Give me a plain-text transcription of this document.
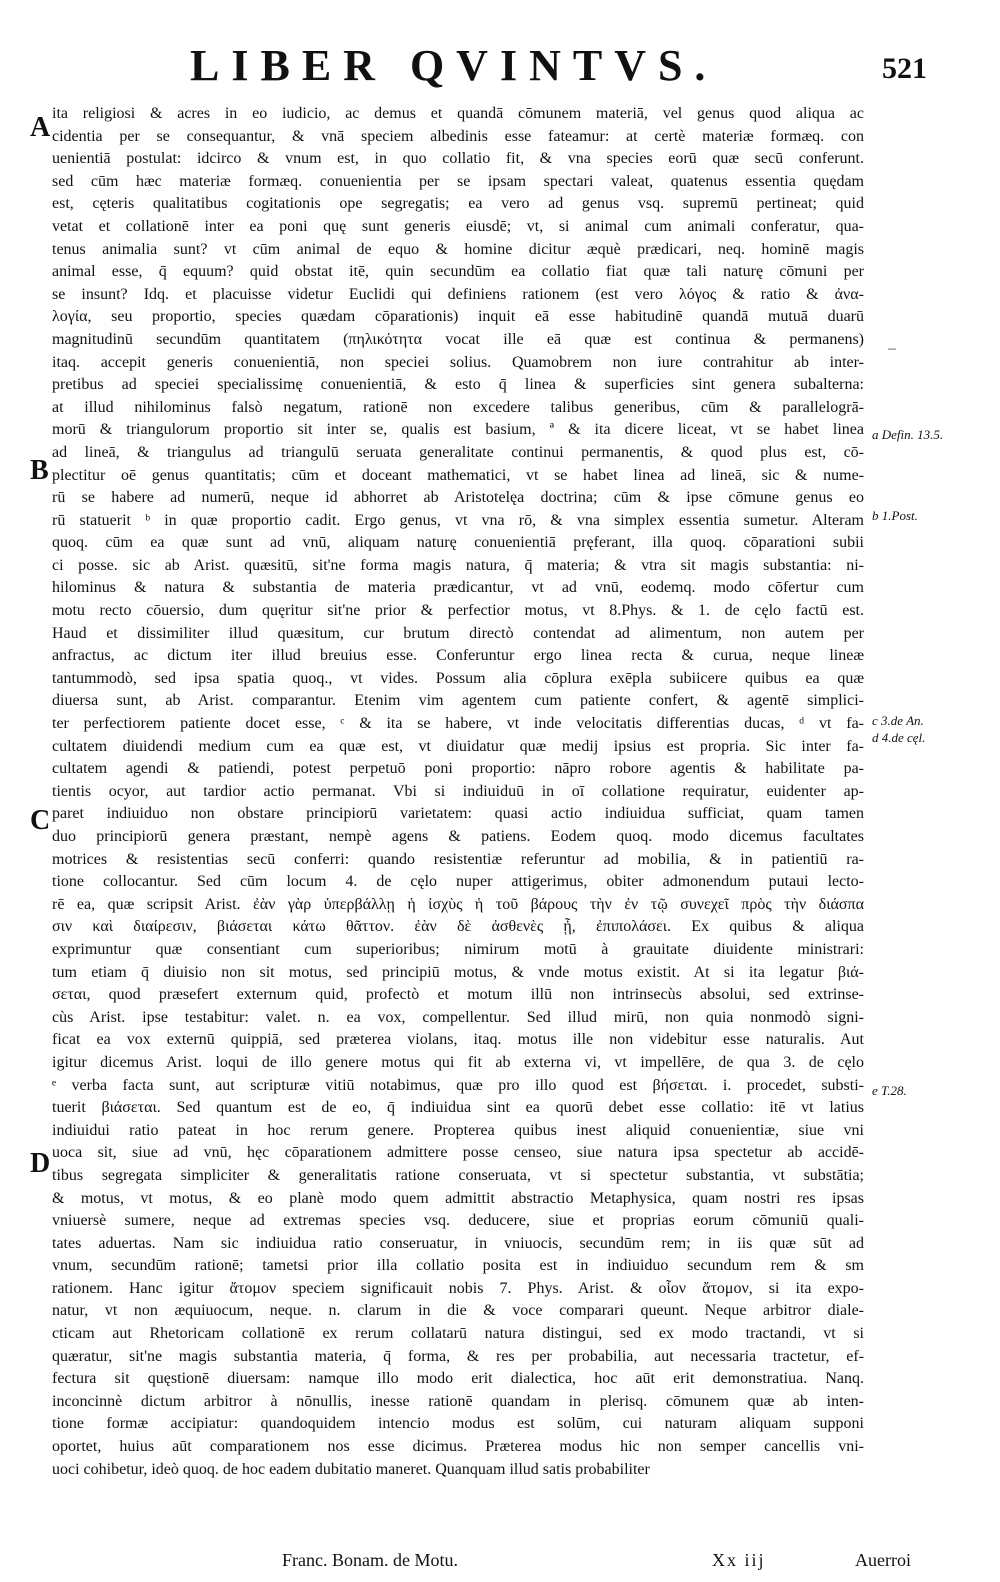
LIBER QVINTVS.	521
A
B
C
D
a Defin. 13.5.
b 1.Post.
c 3.de An.
d 4.de cęl.
e T.28.
–
ita religiosi & acres in eo iudicio, ac demus et quandā cōmunem materiā, vel genus quod aliqua ac
cidentia per se consequantur, & vnā speciem albedinis esse fateamur: at certè materiæ formæq. con
uenientiā postulat: idcirco & vnum est, in quo collatio fit, & vna species eorū quæ secū conferunt.
sed cūm hæc materiæ formæq. conuenientia per se ipsam spectari valeat, quatenus essentia quędam
est, cęteris qualitatibus cogitationis ope segregatis; ea vero ad genus vsq. supremū pertineat; quid
vetat et collationē inter ea poni quę sunt generis eiusdē; vt, si animal cum animali conferatur, qua-
tenus animalia sunt? vt cūm animal de equo & homine dicitur æquè prædicari, neq. hominē magis
animal esse, q̄ equum? quid obstat itē, quin secundūm ea collatio fiat quæ tali naturę cōmuni per
se insunt? Idq. et placuisse videtur Euclidi qui definiens rationem (est vero λόγος & ratio & ἀνα-
λογία, seu proportio, species quædam cōparationis) inquit eā esse habitudinē quandā mutuā duarū
magnitudinū secundūm quantitatem (πηλικότητα vocat ille eā quæ est continua & permanens)
itaq. accepit generis conuenientiā, non speciei solius. Quamobrem non iure contrahitur ab inter-
pretibus ad speciei specialissimę conuenientiā, & esto q̄ linea & superficies sint genera subalterna:
at illud nihilominus falsò negatum, rationē non excedere talibus generibus, cūm & parallelogrā-
morū & triangulorum proportio sit inter se, qualis est basium, ª & ita dicere liceat, vt se habet linea
ad lineā, & triangulus ad triangulū seruata generalitate continui permanentis, & quod plus est, cō-
plectitur oē genus quantitatis; cūm et doceant mathematici, vt se habet linea ad lineā, sic & nume-
rū se habere ad numerū, neque id abhorret ab Aristotelęa doctrina; cūm & ipse cōmune genus eo
rū statuerit ᵇ in quæ proportio cadit. Ergo genus, vt vna rō, & vna simplex essentia sumetur. Alteram
quoq. cūm ea quæ sunt ad vnū, aliquam naturę conuenientiā pręferant, illa quoq. cōparationi subii
ci posse. sic ab Arist. quæsitū, sit'ne forma magis natura, q̄ materia; & vtra sit magis substantia: ni-
hilominus & natura & substantia de materia prædicantur, vt ad vnū, eodemq. modo cōfertur cum
motu recto cōuersio, dum quęritur sit'ne prior & perfectior motus, vt 8.Phys. & 1. de cęlo factū est.
Haud et dissimiliter illud quæsitum, cur brutum directò contendat ad alimentum, non autem per
anfractus, ac dictum iter illud breuius esse. Conferuntur ergo linea recta & curua, neque lineæ
tantummodò, sed ipsa spatia quoq., vt vides. Possum alia cōplura exēpla subiicere quibus ea quæ
diuersa sunt, ab Arist. comparantur. Etenim vim agentem cum patiente confert, & agentē simplici-
ter perfectiorem patiente docet esse, ᶜ & ita se habere, vt inde velocitatis differentias ducas, ᵈ vt fa-
cultatem diuidendi medium cum ea quæ est, vt diuidatur quæ medij ipsius est propria. Sic inter fa-
cultatem agendi & patiendi, potest perpetuō poni proportio: nāpro robore agentis & habilitate pa-
tientis ocyor, aut tardior actio permanat. Vbi si indiuiduū in oī collatione requiratur, euidenter ap-
paret indiuiduo non obstare principiorū varietatem: quasi actio indiuidua sufficiat, quam tamen
duo principiorū genera præstant, nempè agens & patiens. Eodem quoq. modo dicemus facultates
motrices & resistentias secū conferri: quando resistentiæ referuntur ad mobilia, & in patientiū ra-
tione collocantur. Sed cūm locum 4. de cęlo nuper attigerimus, obiter admonendum putaui lecto-
rē ea, quæ scripsit Arist. ἐὰν γὰρ ὑπερβάλλῃ ἡ ἰσχὺς ἡ τοῦ βάρους τὴν ἐν τῷ συνεχεῖ πρὸς τὴν διάσπα
σιν καὶ διαίρεσιν, βιάσεται κάτω θᾶττον. ἐὰν δὲ ἀσθενὲς ᾖ, ἐπιπολάσει. Ex quibus & aliqua
exprimuntur quæ consentiant cum superioribus; nimirum motū à grauitate diuidente ministrari:
tum etiam q̄ diuisio non sit motus, sed principiū motus, & vnde motus existit. At si ita legatur βιά-
σεται, quod præsefert externum quid, profectò et motum illū non intrinsecùs absolui, sed extrinse-
cùs Arist. ipse testabitur: valet. n. ea vox, compellentur. Sed illud mirū, non quia nonmodò signi-
ficat ea vox externū quippiā, sed præterea violans, itaq. motus ille non videbitur esse naturalis. Aut
igitur dicemus Arist. loqui de illo genere motus qui fit ab externa vi, vt impellēre, de qua 3. de cęlo
ᵉ verba facta sunt, aut scripturæ vitiū notabimus, quæ pro illo quod est βήσεται. i. procedet, substi-
tuerit βιάσεται. Sed quantum est de eo, q̄ indiuidua sint ea quorū debet esse collatio: itē vt latius
indiuidui ratio pateat in hoc rerum genere. Propterea quibus inest aliquid conuenientiæ, siue vni
uoca sit, siue ad vnū, hęc cōparationem admittere posse censeo, siue natura ipsa spectetur ab accidē-
tibus segregata simpliciter & generalitatis ratione conseruata, vt si spectetur substantia, vt substātia;
& motus, vt motus, & eo planè modo quem admittit abstractio Metaphysica, quam nostri res ipsas
vniuersè sumere, neque ad extremas species vsq. deducere, siue et proprias eorum cōmuniū quali-
tates aduertas. Nam sic indiuidua ratio conseruatur, in vniuocis, secundūm rem; in iis quæ sūt ad
vnum, secundūm rationē; tametsi prior illa collatio posita est in indiuiduo secundum rem & sm
rationem. Hanc igitur ἄτομον speciem significauit nobis 7. Phys. Arist. & οἷον ἄτομον, si ita expo-
natur, vt non æquiuocum, neque. n. clarum in die & voce comparari queunt. Neque arbitror diale-
cticam aut Rhetoricam collationē ex rerum collatarū natura distingui, sed ex modo tractandi, vt si
quæratur, sit'ne magis substantia materia, q̄ forma, & res per probabilia, aut necessaria tractetur, ef-
fectura sit quęstionē diuersam: namque illo modo erit dialectica, hoc aūt erit demonstratiua. Nanq.
inconcinnè dictum arbitror à nōnullis, inesse rationē quandam in plerisq. cōmunem quæ ab inten-
tione formæ accipiatur: quandoquidem intencio modus est solūm, cui naturam aliquam supponi
oportet, huius aūt comparationem nos esse dicimus. Præterea modus hic non semper cancellis vni-
uoci cohibetur, ideò quoq. de hoc eadem dubitatio maneret. Quanquam illud satis probabiliter
Franc. Bonam. de Motu.	Xx iij	Auerroi
